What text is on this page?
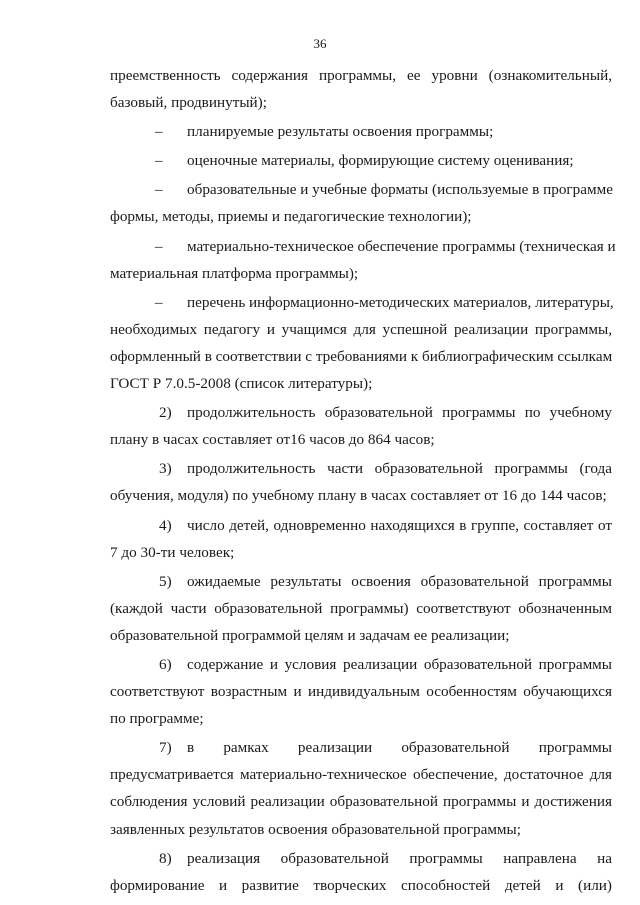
36
преемственность содержания программы, ее уровни (ознакомительный,
базовый, продвинутый);
–	планируемые результаты освоения программы;
–	оценочные материалы, формирующие систему оценивания;
–	образовательные и учебные форматы (используемые в программе
формы, методы, приемы и педагогические технологии);
–	материально-техническое обеспечение программы (техническая и
материальная платформа программы);
–	перечень информационно-методических материалов, литературы,
необходимых педагогу и учащимся для успешной реализации программы,
оформленный в соответствии с требованиями к библиографическим ссылкам
ГОСТ Р 7.0.5-2008 (список литературы);
2)	продолжительность образовательной программы по учебному
плану в часах составляет от16 часов до 864 часов;
3)	продолжительность части образовательной программы (года
обучения, модуля) по учебному плану в часах составляет от 16 до 144 часов;
4)	число детей, одновременно находящихся в группе, составляет от
7 до 30-ти человек;
5)	ожидаемые результаты освоения образовательной программы
(каждой части образовательной программы) соответствуют обозначенным
образовательной программой целям и задачам ее реализации;
6)	содержание и условия реализации образовательной программы
соответствуют возрастным и индивидуальным особенностям обучающихся
по программе;
7)	в рамках реализации образовательной программы
предусматривается материально-техническое обеспечение, достаточное для
соблюдения условий реализации образовательной программы и достижения
заявленных результатов освоения образовательной программы;
8)	реализация образовательной программы направлена на
формирование и развитие творческих способностей детей и (или)
